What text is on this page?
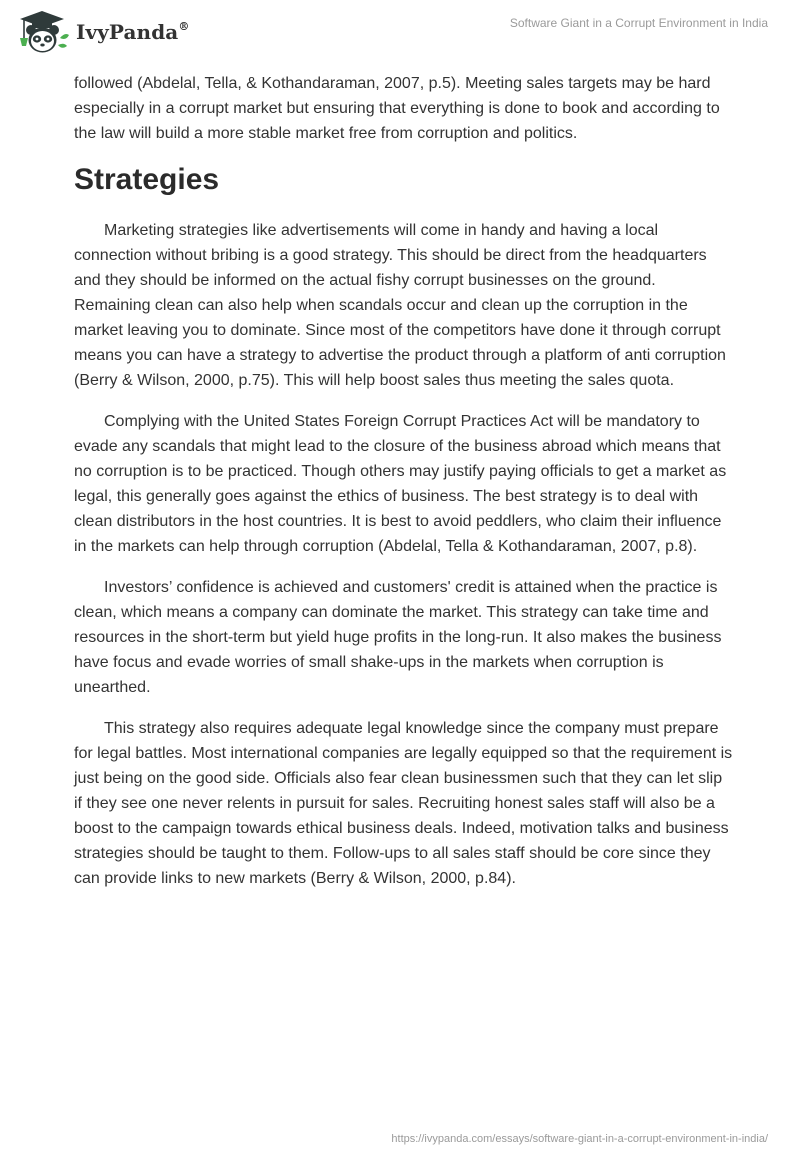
IvyPanda®	Software Giant in a Corrupt Environment in India

followed (Abdelal, Tella, & Kothandaraman, 2007, p.5). Meeting sales targets may be hard especially in a corrupt market but ensuring that everything is done to book and according to the law will build a more stable market free from corruption and politics.

Strategies

Marketing strategies like advertisements will come in handy and having a local connection without bribing is a good strategy. This should be direct from the headquarters and they should be informed on the actual fishy corrupt businesses on the ground. Remaining clean can also help when scandals occur and clean up the corruption in the market leaving you to dominate. Since most of the competitors have done it through corrupt means you can have a strategy to advertise the product through a platform of anti corruption (Berry & Wilson, 2000, p.75). This will help boost sales thus meeting the sales quota.

Complying with the United States Foreign Corrupt Practices Act will be mandatory to evade any scandals that might lead to the closure of the business abroad which means that no corruption is to be practiced. Though others may justify paying officials to get a market as legal, this generally goes against the ethics of business. The best strategy is to deal with clean distributors in the host countries. It is best to avoid peddlers, who claim their influence in the markets can help through corruption (Abdelal, Tella & Kothandaraman, 2007, p.8).

Investors’ confidence is achieved and customers' credit is attained when the practice is clean, which means a company can dominate the market. This strategy can take time and resources in the short-term but yield huge profits in the long-run. It also makes the business have focus and evade worries of small shake-ups in the markets when corruption is unearthed.

This strategy also requires adequate legal knowledge since the company must prepare for legal battles. Most international companies are legally equipped so that the requirement is just being on the good side. Officials also fear clean businessmen such that they can let slip if they see one never relents in pursuit for sales. Recruiting honest sales staff will also be a boost to the campaign towards ethical business deals. Indeed, motivation talks and business strategies should be taught to them. Follow-ups to all sales staff should be core since they can provide links to new markets (Berry & Wilson, 2000, p.84).

https://ivypanda.com/essays/software-giant-in-a-corrupt-environment-in-india/
